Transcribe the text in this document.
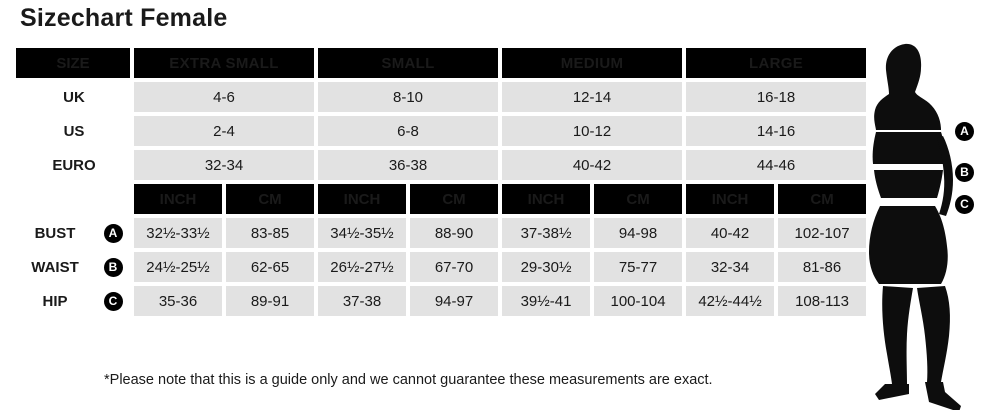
Sizechart Female
SIZE		EXTRA SMALL		SMALL		MEDIUM		LARGE	
UK		4-6		8-10		12-14		16-18	
US		2-4		6-8		10-12		14-16	
EURO		32-34		36-38		40-42		44-46	
		INCH	CM	INCH	CM	INCH	CM	INCH	CM
BUST	A	32½-33½	83-85	34½-35½	88-90	37-38½	94-98	40-42	102-107
WAIST	B	24½-25½	62-65	26½-27½	67-70	29-30½	75-77	32-34	81-86
HIP	C	35-36	89-91	37-38	94-97	39½-41	100-104	42½-44½	108-113
*Please note that this is a guide only and we cannot guarantee these measurements are exact.
A
B
C
